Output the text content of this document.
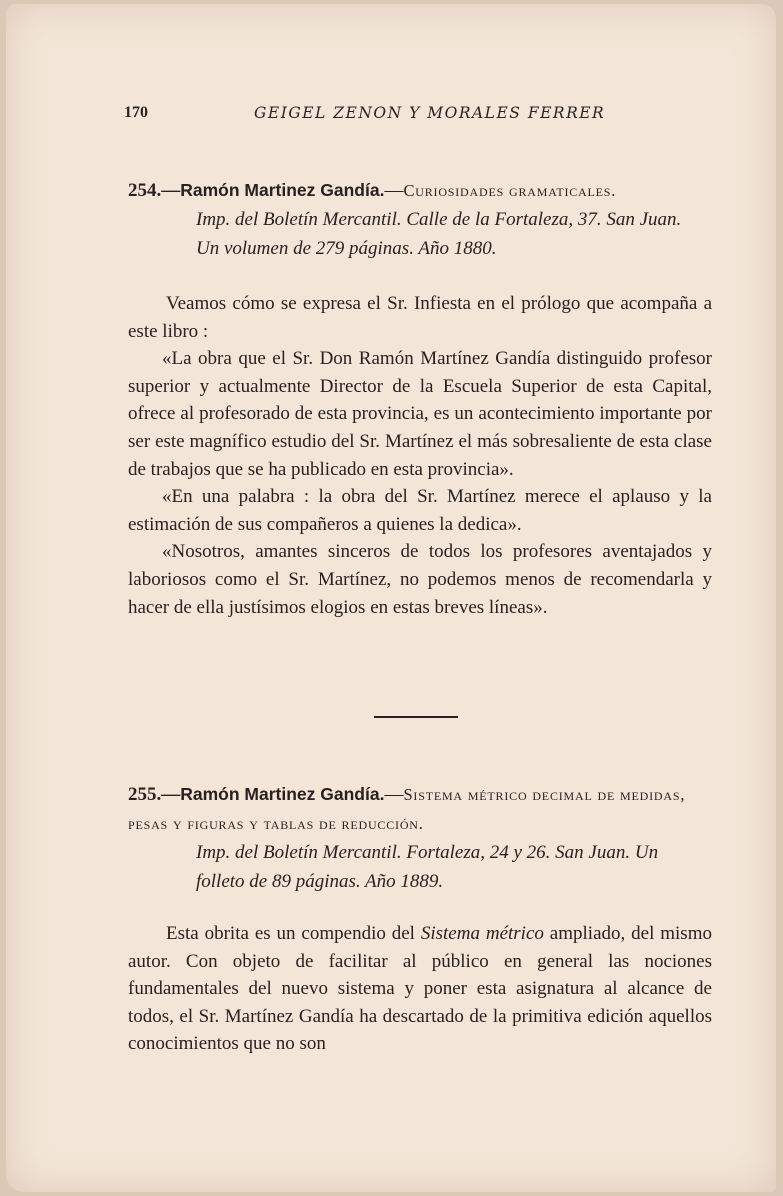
170	GEIGEL ZENON Y MORALES FERRER
254.—Ramón Martinez Gandía.—Curiosidades gramaticales.
Imp. del Boletín Mercantil. Calle de la Fortaleza, 37. San Juan. Un volumen de 279 páginas. Año 1880.

Veamos cómo se expresa el Sr. Infiesta en el prólogo que acompaña a este libro :

«La obra que el Sr. Don Ramón Martínez Gandía distinguido profesor superior y actualmente Director de la Escuela Superior de esta Capital, ofrece al profesorado de esta provincia, es un acontecimiento importante por ser este magnífico estudio del Sr. Martínez el más sobresaliente de esta clase de trabajos que se ha publicado en esta provincia».

«En una palabra : la obra del Sr. Martínez merece el aplauso y la estimación de sus compañeros a quienes la dedica».

«Nosotros, amantes sinceros de todos los profesores aventajados y laboriosos como el Sr. Martínez, no podemos menos de recomendarla y hacer de ella justísimos elogios en estas breves líneas».

255.—Ramón Martinez Gandía.—Sistema métrico decimal de medidas, pesas y figuras y tablas de reducción.
Imp. del Boletín Mercantil. Fortaleza, 24 y 26. San Juan. Un folleto de 89 páginas. Año 1889.

Esta obrita es un compendio del Sistema métrico ampliado, del mismo autor. Con objeto de facilitar al público en general las nociones fundamentales del nuevo sistema y poner esta asignatura al alcance de todos, el Sr. Martínez Gandía ha descartado de la primitiva edición aquellos conocimientos que no son
